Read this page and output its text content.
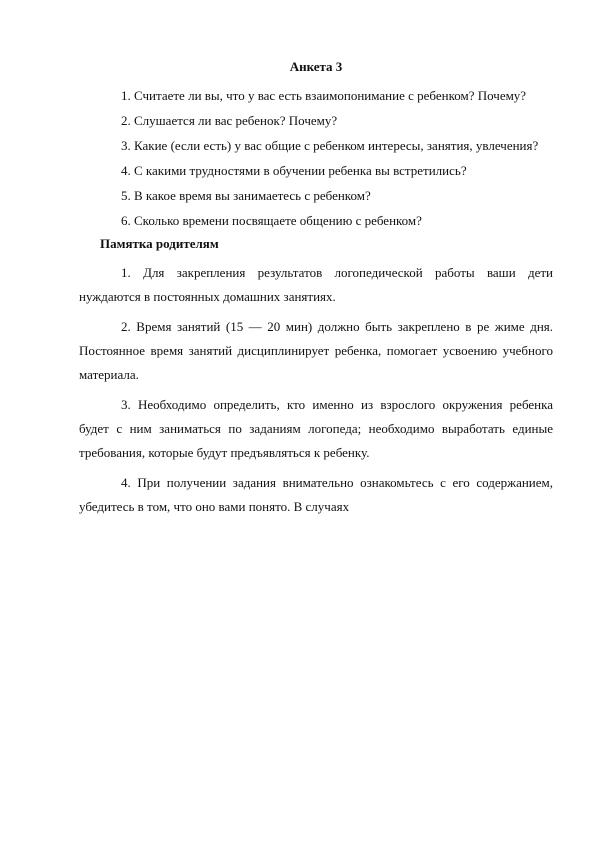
Анкета 3
1. Считаете ли вы, что у вас есть взаимопонимание с ребенком? Почему?
2. Слушается ли вас ребенок? Почему?
3. Какие (если есть) у вас общие с ребенком интересы, занятия, увлечения?
4. С какими трудностями в обучении ребенка вы встретились?
5. В какое время вы занимаетесь с ребенком?
6. Сколько времени посвящаете общению с ребенком?
Памятка родителям
1. Для закрепления результатов логопедической работы ваши дети нуждаются в постоянных домашних занятиях.
2. Время занятий (15 — 20 мин) должно быть закреплено в ре жиме дня. Постоянное время занятий дисциплинирует ребенка, помогает усвоению учебного материала.
3. Необходимо определить, кто именно из взрослого окружения ребенка будет с ним заниматься по заданиям логопеда; необходимо выработать единые требования, которые будут предъявляться к ребенку.
4. При получении задания внимательно ознакомьтесь с его содержанием, убедитесь в том, что оно вами понято. В случаях
